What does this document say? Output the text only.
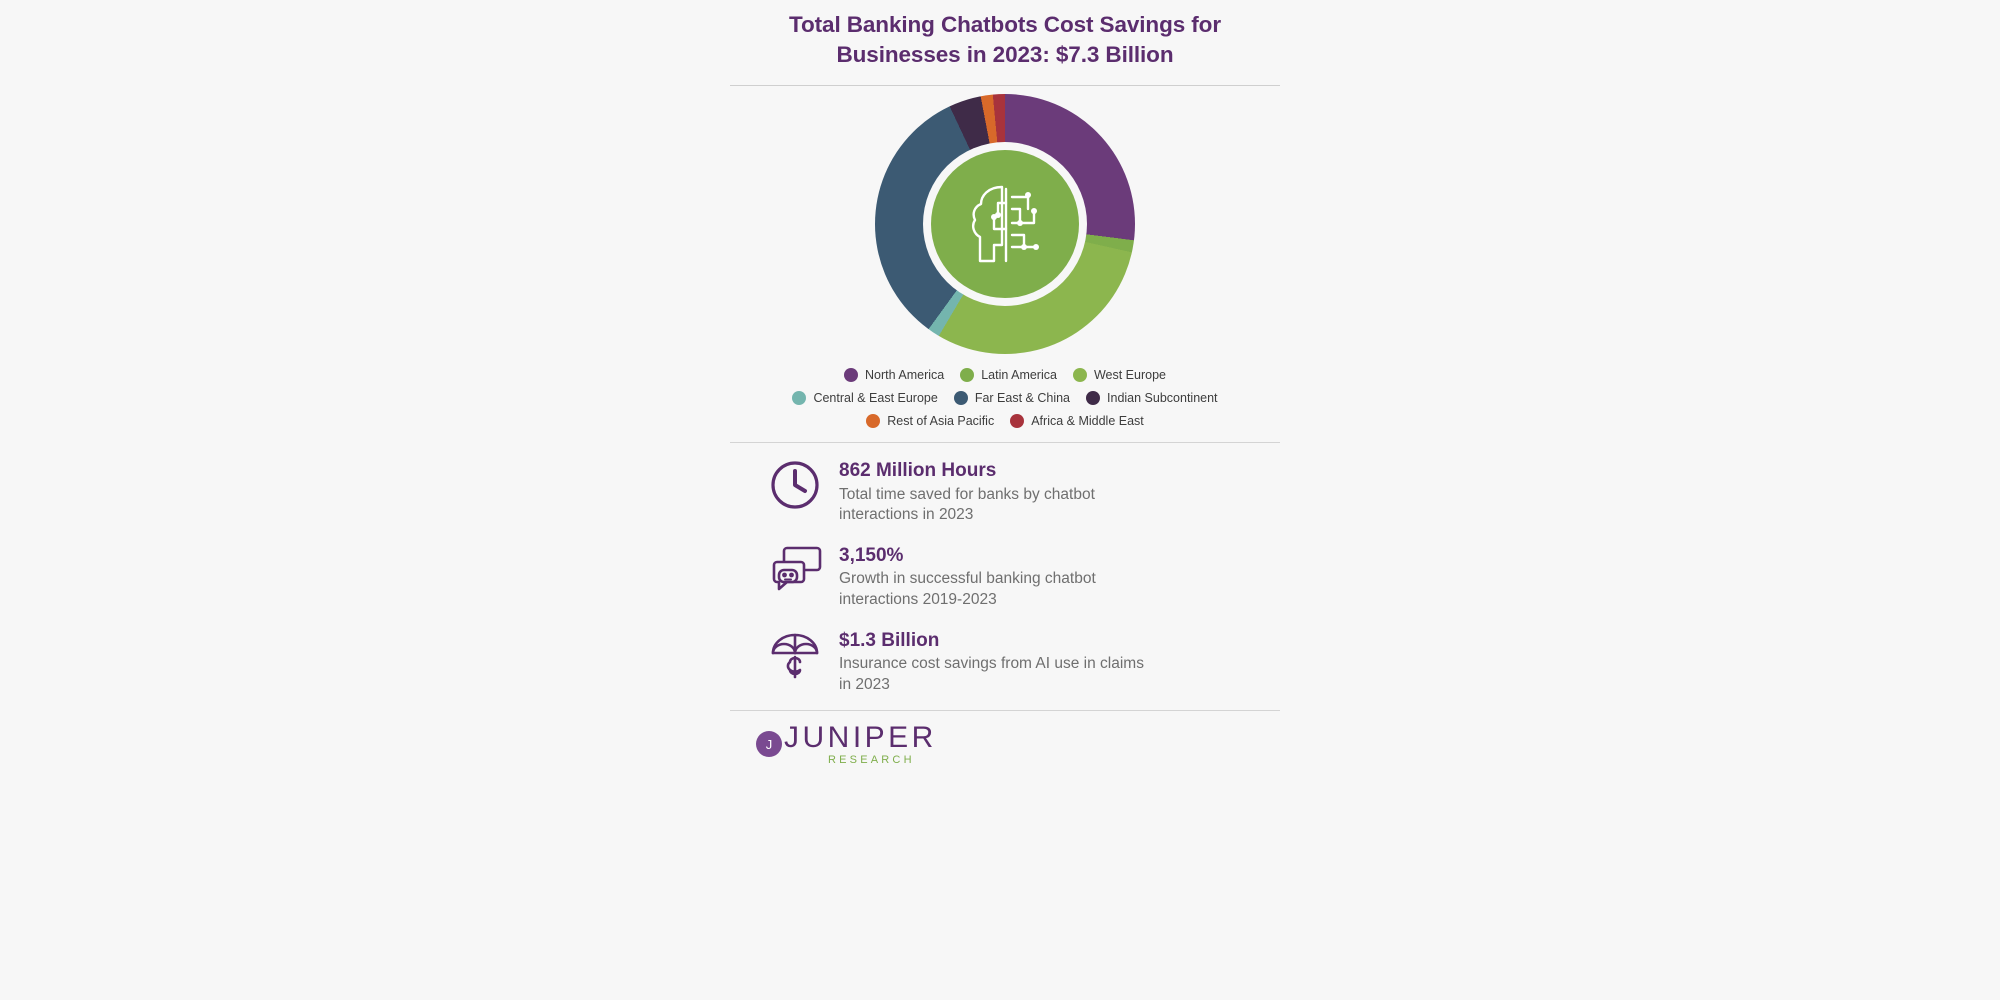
Total Banking Chatbots Cost Savings for Businesses in 2023: $7.3 Billion
North America	Latin America	West Europe
Central & East Europe	Far East & China	Indian Subcontinent
Rest of Asia Pacific	Africa & Middle East
862 Million Hours
Total time saved for banks by chatbot interactions in 2023
3,150%
Growth in successful banking chatbot interactions 2019-2023
$1.3 Billion
Insurance cost savings from AI use in claims in 2023
J JUNIPER
RESEARCH
